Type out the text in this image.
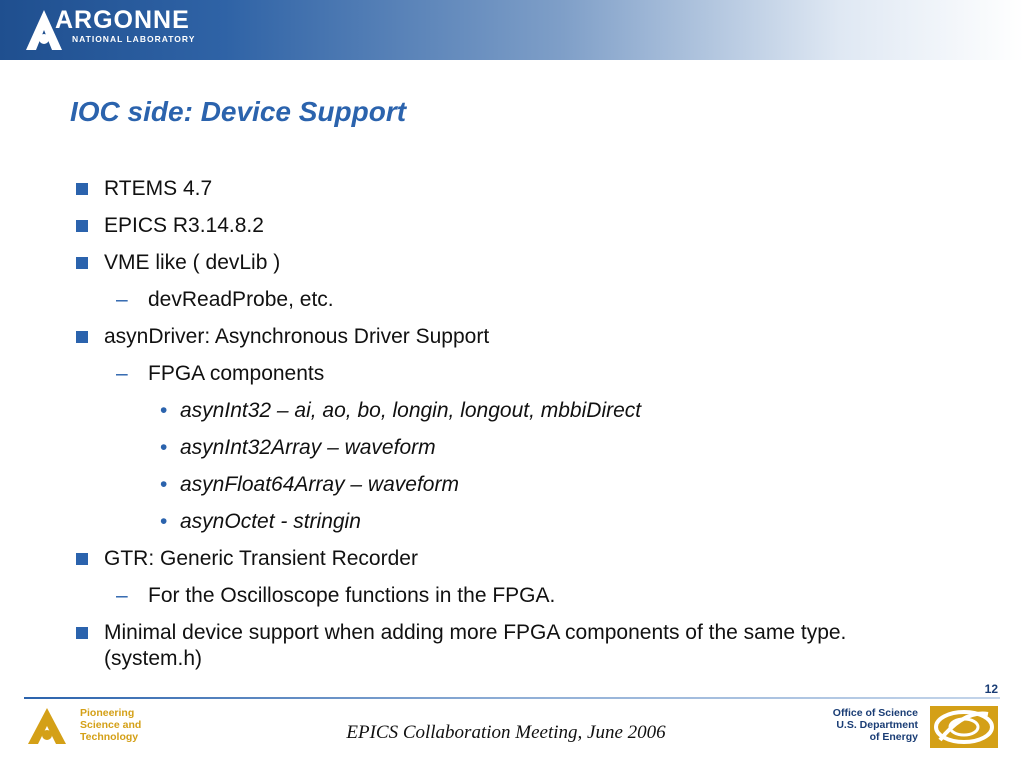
ARGONNE
NATIONAL LABORATORY
IOC side: Device Support
RTEMS 4.7
EPICS R3.14.8.2
VME like ( devLib )
– devReadProbe, etc.
asynDriver: Asynchronous Driver Support
– FPGA components
• asynInt32 – ai, ao, bo, longin, longout, mbbiDirect
• asynInt32Array – waveform
• asynFloat64Array – waveform
• asynOctet - stringin
GTR: Generic Transient Recorder
– For the Oscilloscope functions in the FPGA.
Minimal device support when adding more FPGA components of the same type. (system.h)
12
Pioneering
Science and
Technology	EPICS Collaboration Meeting, June 2006
Office of Science
U.S. Department
of Energy
